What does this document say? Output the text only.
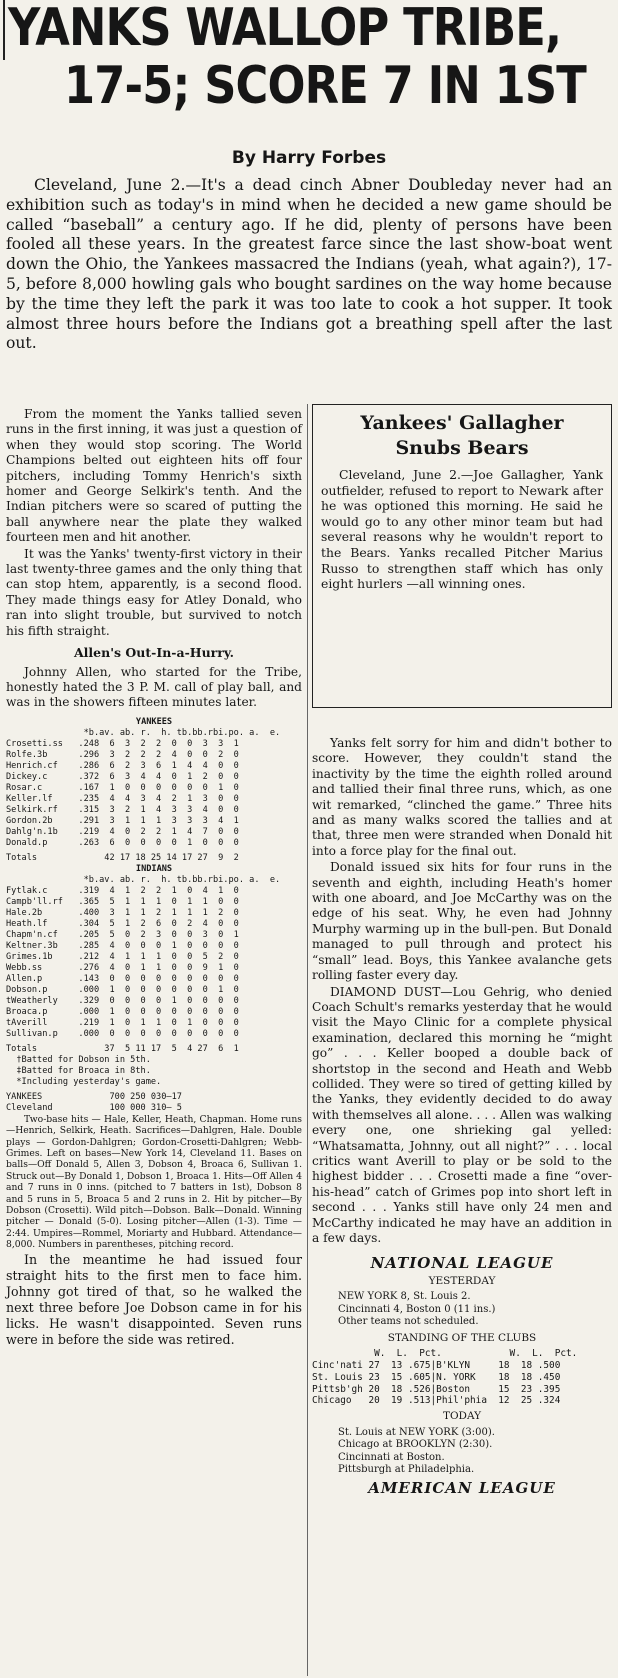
YANKS WALLOP TRIBE,
17-5; SCORE 7 IN 1ST
By Harry Forbes

Cleveland, June 2.—It's a dead cinch Abner Doubleday never had an exhibition such as today's in mind when he decided a new game should be called “baseball” a century ago. If he did, plenty of persons have been fooled all these years. In the greatest farce since the last show-boat went down the Ohio, the Yankees massacred the Indians (yeah, what again?), 17-5, before 8,000 howling gals who bought sardines on the way home because by the time they left the park it was too late to cook a hot supper. It took almost three hours before the Indians got a breathing spell after the last out.

From the moment the Yanks tallied seven runs in the first inning, it was just a question of when they would stop scoring. The World Champions belted out eighteen hits off four pitchers, including Tommy Henrich's sixth homer and George Selkirk's tenth. And the Indian pitchers were so scared of putting the ball anywhere near the plate they walked fourteen men and hit another.

It was the Yanks' twenty-first victory in their last twenty-three games and the only thing that can stop htem, apparently, is a second flood. They made things easy for Atley Donald, who ran into slight trouble, but survived to notch his fifth straight.

Allen's Out-In-a-Hurry.

Johnny Allen, who started for the Tribe, honestly hated the 3 P. M. call of play ball, and was in the showers fifteen minutes later.

YANKEES
*b.av. ab. r.  h. tb.bb.rbi.po. a.  e.
Crosetti.ss   .248  6  3  2  2  0  0  3  3  1
Rolfe.3b      .296  3  2  2  2  4  0  0  2  0
Henrich.cf    .286  6  2  3  6  1  4  4  0  0
Dickey.c      .372  6  3  4  4  0  1  2  0  0
Rosar.c       .167  1  0  0  0  0  0  0  1  0
Keller.lf     .235  4  4  3  4  2  1  3  0  0
Selkirk.rf    .315  3  2  1  4  3  3  4  0  0
Gordon.2b     .291  3  1  1  1  3  3  3  4  1
Dahlg'n.1b    .219  4  0  2  2  1  4  7  0  0
Donald.p      .263  6  0  0  0  0  1  0  0  0
Totals             42 17 18 25 14 17 27  9  2
INDIANS
*b.av. ab. r.  h. tb.bb.rbi.po. a.  e.
Fytlak.c      .319  4  1  2  2  1  0  4  1  0
Campb'll.rf   .365  5  1  1  1  0  1  1  0  0
Hale.2b       .400  3  1  1  2  1  1  1  2  0
Heath.lf      .304  5  1  2  6  0  2  4  0  0
Chapm'n.cf    .205  5  0  2  3  0  0  3  0  1
Keltner.3b    .285  4  0  0  0  1  0  0  0  0
Grimes.1b     .212  4  1  1  1  0  0  5  2  0
Webb.ss       .276  4  0  1  1  0  0  9  1  0
Allen.p       .143  0  0  0  0  0  0  0  0  0
Dobson.p      .000  1  0  0  0  0  0  0  1  0
tWeatherly    .329  0  0  0  0  1  0  0  0  0
Broaca.p      .000  1  0  0  0  0  0  0  0  0
tAverill      .219  1  0  1  1  0  1  0  0  0
Sullivan.p    .000  0  0  0  0  0  0  0  0  0
Totals             37  5 11 17  5  4 27  6  1
†Batted for Dobson in 5th.
‡Batted for Broaca in 8th.
*Including yesterday's game.
YANKEES             700 250 030—17
Cleveland           100 000 310— 5

Two-base hits — Hale, Keller, Heath, Chapman. Home runs—Henrich, Selkirk, Heath. Sacrifices—Dahlgren, Hale. Double plays — Gordon-Dahlgren; Gordon-Crosetti-Dahlgren; Webb-Grimes. Left on bases—New York 14, Cleveland 11. Bases on balls—Off Donald 5, Allen 3, Dobson 4, Broaca 6, Sullivan 1. Struck out—By Donald 1, Dobson 1, Broaca 1. Hits—Off Allen 4 and 7 runs in 0 inns. (pitched to 7 batters in 1st), Dobson 8 and 5 runs in 5, Broaca 5 and 2 runs in 2. Hit by pitcher—By Dobson (Crosetti). Wild pitch—Dobson. Balk—Donald. Winning pitcher — Donald (5-0). Losing pitcher—Allen (1-3). Time —2:44. Umpires—Rommel, Moriarty and Hubbard. Attendance—8,000. Numbers in parentheses, pitching record.

In the meantime he had issued four straight hits to the first men to face him. Johnny got tired of that, so he walked the next three before Joe Dobson came in for his licks. He wasn't disappointed. Seven runs were in before the side was retired.

Yankees' Gallagher
Snubs Bears

Cleveland, June 2.—Joe Gallagher, Yank outfielder, refused to report to Newark after he was optioned this morning. He said he would go to any other minor team but had several reasons why he wouldn't report to the Bears. Yanks recalled Pitcher Marius Russo to strengthen staff which has only eight hurlers —all winning ones.

Yanks felt sorry for him and didn't bother to score. However, they couldn't stand the inactivity by the time the eighth rolled around and tallied their final three runs, which, as one wit remarked, “clinched the game.” Three hits and as many walks scored the tallies and at that, three men were stranded when Donald hit into a force play for the final out.

Donald issued six hits for four runs in the seventh and eighth, including Heath's homer with one aboard, and Joe McCarthy was on the edge of his seat. Why, he even had Johnny Murphy warming up in the bull-pen. But Donald managed to pull through and protect his “small” lead. Boys, this Yankee avalanche gets rolling faster every day.

DIAMOND DUST—Lou Gehrig, who denied Coach Schult's remarks yesterday that he would visit the Mayo Clinic for a complete physical examination, declared this morning he “might go” . . . Keller booped a double back of shortstop in the second and Heath and Webb collided. They were so tired of getting killed by the Yanks, they evidently decided to do away with themselves all alone. . . . Allen was walking every one, one shrieking gal yelled: “Whatsamatta, Johnny, out all night?” . . . local critics want Averill to play or be sold to the highest bidder . . . Crosetti made a fine “over-his-head” catch of Grimes pop into short left in second . . . Yanks still have only 24 men and McCarthy indicated he may have an addition in a few days.

NATIONAL LEAGUE
YESTERDAY
NEW YORK 8, St. Louis 2.
Cincinnati 4, Boston 0 (11 ins.)
Other teams not scheduled.
STANDING OF THE CLUBS
W.  L.  Pct.            W.  L.  Pct.
Cinc'nati 27  13 .675|B'KLYN     18  18 .500
St. Louis 23  15 .605|N. YORK    18  18 .450
Pittsb'gh 20  18 .526|Boston     15  23 .395
Chicago   20  19 .513|Phil'phia  12  25 .324
TODAY
St. Louis at NEW YORK (3:00).
Chicago at BROOKLYN (2:30).
Cincinnati at Boston.
Pittsburgh at Philadelphia.
AMERICAN LEAGUE
